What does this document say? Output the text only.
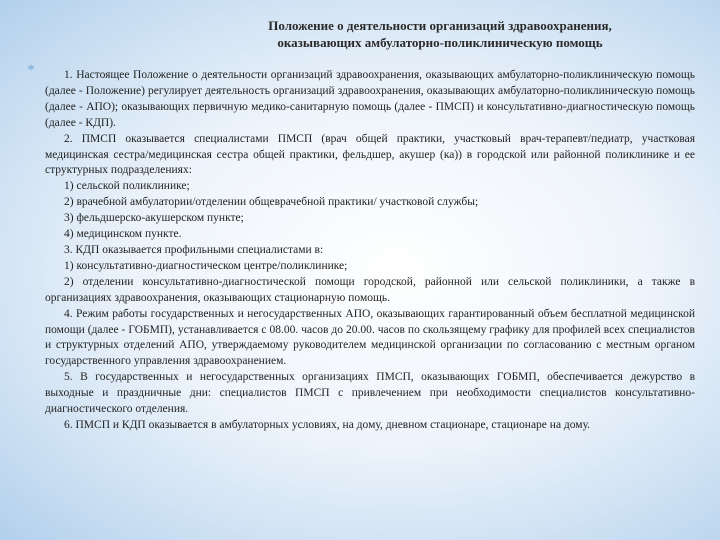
Положение о деятельности организаций здравоохранения,
оказывающих амбулаторно-поликлиническую помощь
*	1. Настоящее Положение о деятельности организаций здравоохранения, оказывающих амбулаторно-поликлиническую помощь (далее - Положение) регулирует деятельность организаций здравоохранения, оказывающих амбулаторно-поликлиническую помощь (далее - АПО); оказывающих первичную медико-санитарную помощь (далее - ПМСП) и консультативно-диагностическую помощь (далее - КДП).

2. ПМСП оказывается специалистами ПМСП (врач общей практики, участковый врач-терапевт/педиатр, участковая медицинская сестра/медицинская сестра общей практики, фельдшер, акушер (ка)) в городской или районной поликлинике и ее структурных подразделениях:

1) сельской поликлинике;

2) врачебной амбулатории/отделении общеврачебной практики/ участковой службы;

3) фельдшерско-акушерском пункте;

4) медицинском пункте.

3. КДП оказывается профильными специалистами в:

1) консультативно-диагностическом центре/поликлинике;

2) отделении консультативно-диагностической помощи городской, районной или сельской поликлиники, а также в организациях здравоохранения, оказывающих стационарную помощь.

4. Режим работы государственных и негосударственных АПО, оказывающих гарантированный объем бесплатной медицинской помощи (далее - ГОБМП), устанавливается с 08.00. часов до 20.00. часов по скользящему графику для профилей всех специалистов и структурных отделений АПО, утверждаемому руководителем медицинской организации по согласованию с местным органом государственного управления здравоохранением.

5. В государственных и негосударственных организациях ПМСП, оказывающих ГОБМП, обеспечивается дежурство в выходные и праздничные дни: специалистов ПМСП с привлечением при необходимости специалистов консультативно-диагностического отделения.

6. ПМСП и КДП оказывается в амбулаторных условиях, на дому, дневном стационаре, стационаре на дому.
